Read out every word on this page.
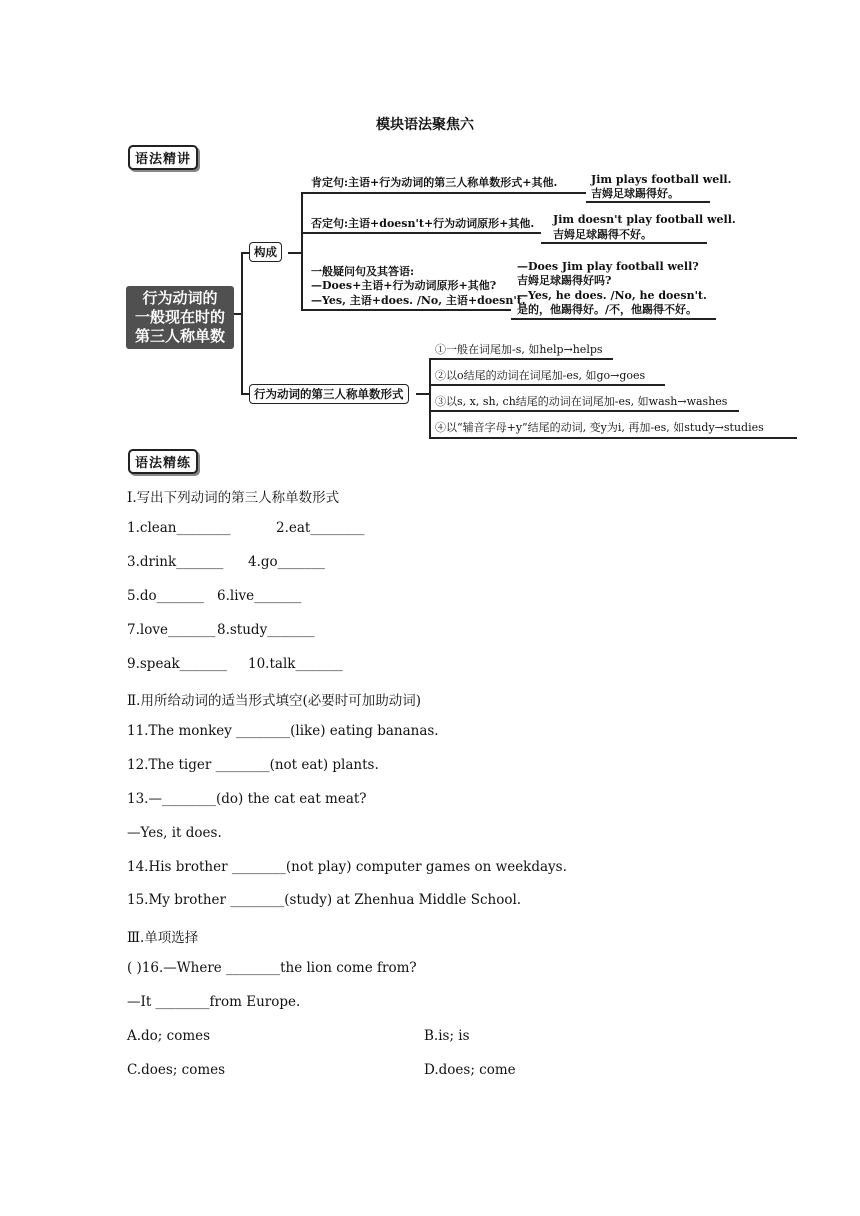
模块语法聚焦六
语法精讲
行为动词的
一般现在时的
第三人称单数
构成
行为动词的第三人称单数形式
肯定句:主语+行为动词的第三人称单数形式+其他.	Jim plays football well.
吉姆足球踢得好。
否定句:主语+doesn't+行为动词原形+其他. Jim doesn't play football well.
吉姆足球踢得不好。
一般疑问句及其答语:
—Does+主语+行为动词原形+其他?
—Yes, 主语+does. /No, 主语+doesn't.
—Does Jim play football well?
吉姆足球踢得好吗?
—Yes, he does. /No, he doesn't.
是的，他踢得好。/不，他踢得不好。
①一般在词尾加-s, 如help→helps
②以o结尾的动词在词尾加-es, 如go→goes
③以s, x, sh, ch结尾的动词在词尾加-es, 如wash→washes
④以“辅音字母+y”结尾的动词, 变y为i, 再加-es, 如study→studies
语法精练
Ⅰ.写出下列动词的第三人称单数形式
1.clean________	2.eat________
3.drink_______ 4.go_______
5.do_______ 6.live_______
7.love_______ 8.study_______
9.speak_______ 10.talk_______
Ⅱ.用所给动词的适当形式填空(必要时可加助动词)
11.The monkey ________(like) eating bananas.
12.The tiger ________(not eat) plants.
13.—________(do) the cat eat meat?
—Yes, it does.
14.His brother ________(not play) computer games on weekdays.
15.My brother ________(study) at Zhenhua Middle School.
Ⅲ.单项选择
( )16.—Where ________the lion come from?
—It ________from Europe.
A.do; comes	B.is; is
C.does; comes	D.does; come
